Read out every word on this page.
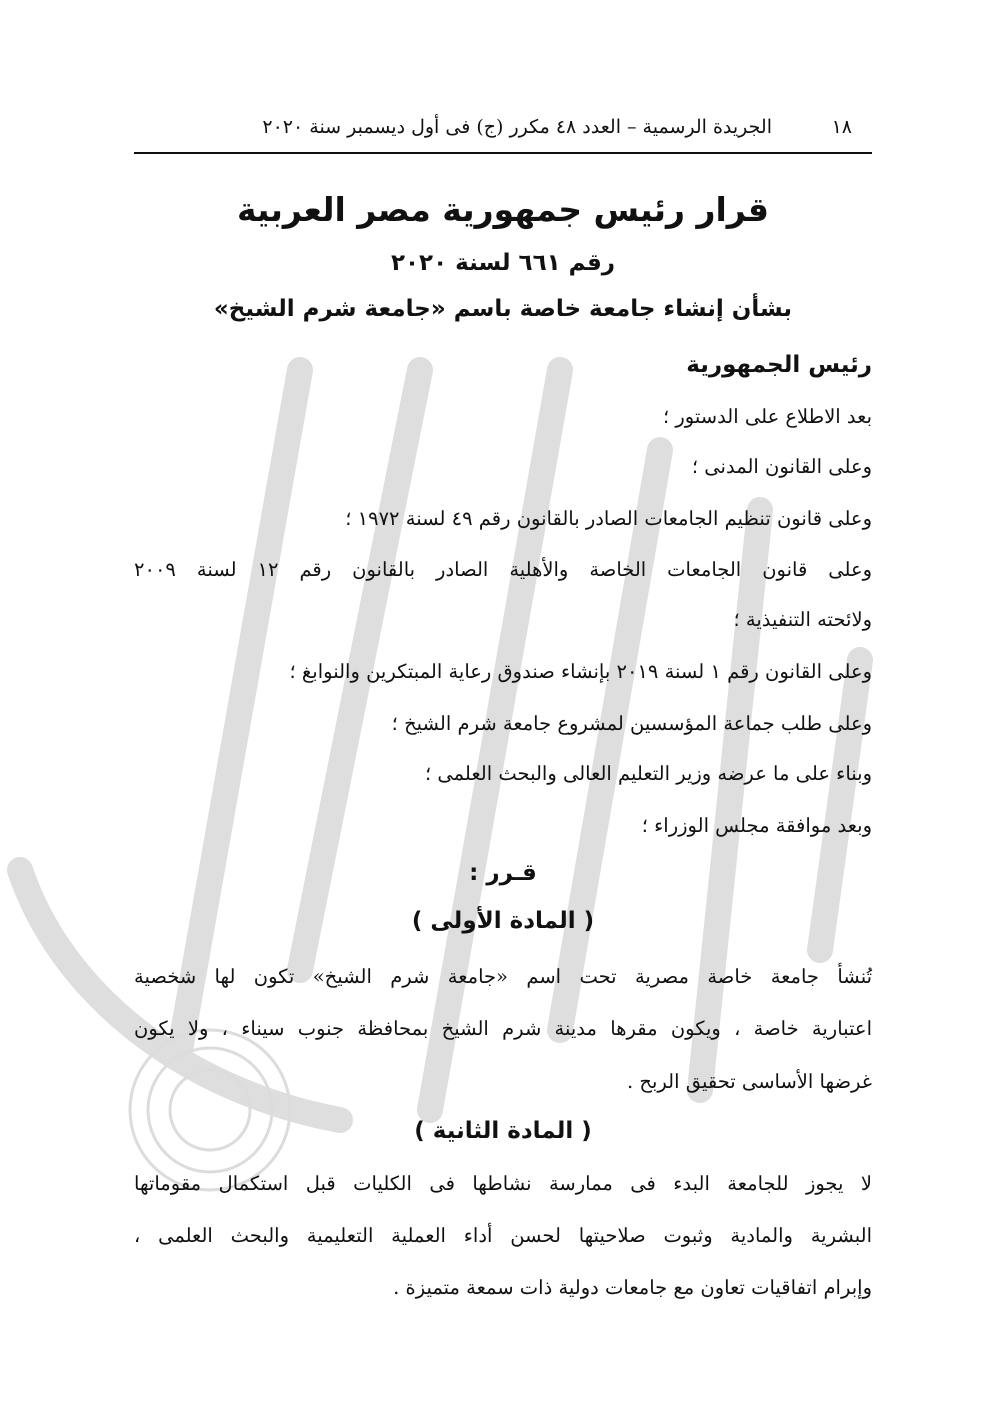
١٨
الجريدة الرسمية – العدد ٤٨ مكرر (ج) فى أول ديسمبر سنة ٢٠٢٠
قرار رئيس جمهورية مصر العربية
رقم ٦٦١ لسنة ٢٠٢٠
بشأن إنشاء جامعة خاصة باسم «جامعة شرم الشيخ»
رئيس الجمهورية
بعد الاطلاع على الدستور ؛
وعلى القانون المدنى ؛
وعلى قانون تنظيم الجامعات الصادر بالقانون رقم ٤٩ لسنة ١٩٧٢ ؛
وعلى قانون الجامعات الخاصة والأهلية الصادر بالقانون رقم ١٢ لسنة ٢٠٠٩
ولائحته التنفيذية ؛
وعلى القانون رقم ١ لسنة ٢٠١٩ بإنشاء صندوق رعاية المبتكرين والنوابغ ؛
وعلى طلب جماعة المؤسسين لمشروع جامعة شرم الشيخ ؛
وبناء على ما عرضه وزير التعليم العالى والبحث العلمى ؛
وبعد موافقة مجلس الوزراء ؛
قـرر :
( المادة الأولى )
تُنشأ جامعة خاصة مصرية تحت اسم «جامعة شرم الشيخ» تكون لها شخصية
اعتبارية خاصة ، ويكون مقرها مدينة شرم الشيخ بمحافظة جنوب سيناء ، ولا يكون
غرضها الأساسى تحقيق الربح .
( المادة الثانية )
لا يجوز للجامعة البدء فى ممارسة نشاطها فى الكليات قبل استكمال مقوماتها
البشرية والمادية وثبوت صلاحيتها لحسن أداء العملية التعليمية والبحث العلمى ،
وإبرام اتفاقيات تعاون مع جامعات دولية ذات سمعة متميزة .
